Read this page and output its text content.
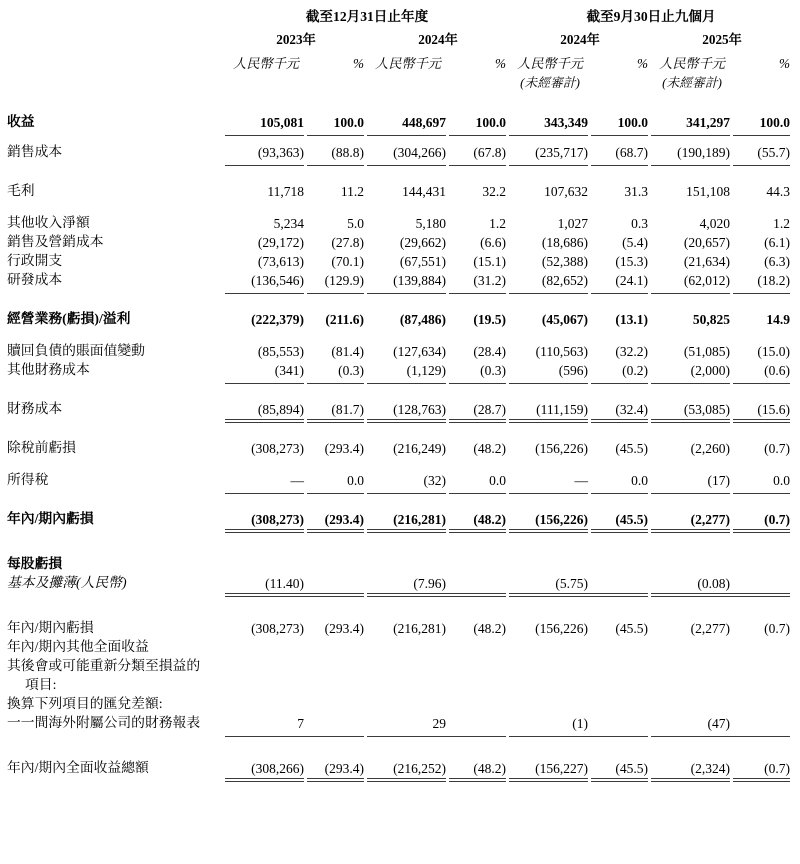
	截至12月31日止年度				截至9月30日止九個月			
	2023年		2024年		2024年		2025年	
	人民幣千元	%	人民幣千元	%	人民幣千元	%	人民幣千元	%
					(未經審計)		(未經審計)	

收益	105,081	100.0	448,697	100.0	343,349	100.0	341,297	100.0

銷售成本	(93,363)	(88.8)	(304,266)	(67.8)	(235,717)	(68.7)	(190,189)	(55.7)

毛利	11,718	11.2	144,431	32.2	107,632	31.3	151,108	44.3

其他收入淨額	5,234	5.0	5,180	1.2	1,027	0.3	4,020	1.2
銷售及營銷成本	(29,172)	(27.8)	(29,662)	(6.6)	(18,686)	(5.4)	(20,657)	(6.1)
行政開支	(73,613)	(70.1)	(67,551)	(15.1)	(52,388)	(15.3)	(21,634)	(6.3)
研發成本	(136,546)	(129.9)	(139,884)	(31.2)	(82,652)	(24.1)	(62,012)	(18.2)

經營業務(虧損)/溢利	(222,379)	(211.6)	(87,486)	(19.5)	(45,067)	(13.1)	50,825	14.9

贖回負債的賬面值變動	(85,553)	(81.4)	(127,634)	(28.4)	(110,563)	(32.2)	(51,085)	(15.0)
其他財務成本	(341)	(0.3)	(1,129)	(0.3)	(596)	(0.2)	(2,000)	(0.6)

財務成本	(85,894)	(81.7)	(128,763)	(28.7)	(111,159)	(32.4)	(53,085)	(15.6)

除稅前虧損	(308,273)	(293.4)	(216,249)	(48.2)	(156,226)	(45.5)	(2,260)	(0.7)

所得稅	—	0.0	(32)	0.0	—	0.0	(17)	0.0

年內/期內虧損	(308,273)	(293.4)	(216,281)	(48.2)	(156,226)	(45.5)	(2,277)	(0.7)

每股虧損								
基本及攤薄(人民幣)	(11.40)		(7.96)		(5.75)		(0.08)	

年內/期內虧損	(308,273)	(293.4)	(216,281)	(48.2)	(156,226)	(45.5)	(2,277)	(0.7)
年內/期內其他全面收益								
其後會或可能重新分類至損益的								
項目:								
換算下列項目的匯兌差額:								
一一間海外附屬公司的財務報表	7		29		(1)		(47)	

年內/期內全面收益總額	(308,266)	(293.4)	(216,252)	(48.2)	(156,227)	(45.5)	(2,324)	(0.7)
